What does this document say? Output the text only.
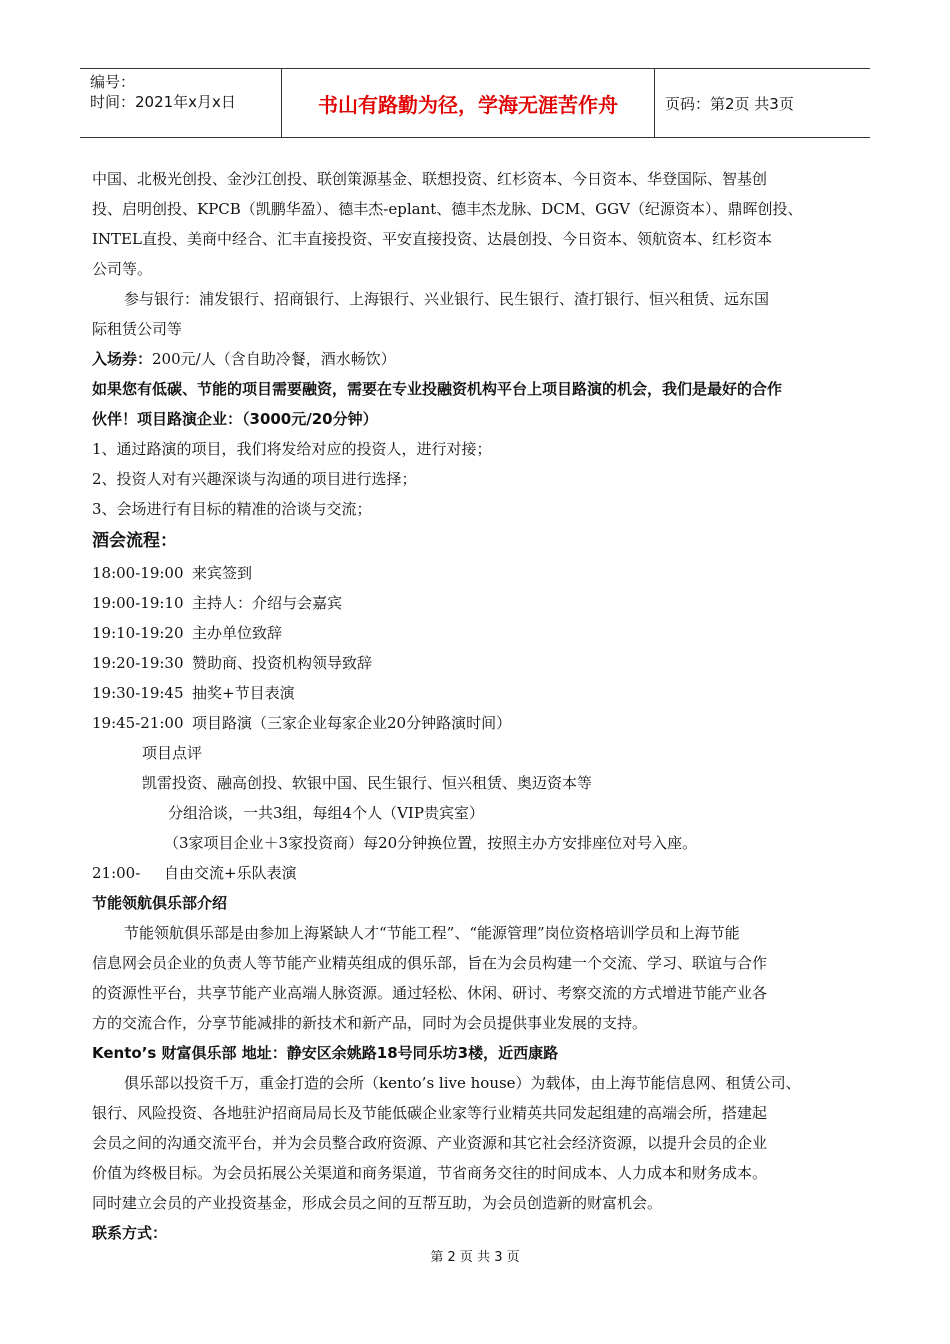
编号：
时间：2021年x月x日	书山有路勤为径，学海无涯苦作舟	页码：第2页 共3页

中国、北极光创投、金沙江创投、联创策源基金、联想投资、红杉资本、今日资本、华登国际、智基创

投、启明创投、KPCB（凯鹏华盈）、德丰杰-eplant、德丰杰龙脉、DCM、GGV（纪源资本）、鼎晖创投、

INTEL直投、美商中经合、汇丰直接投资、平安直接投资、达晨创投、今日资本、领航资本、红杉资本

公司等。

参与银行：浦发银行、招商银行、上海银行、兴业银行、民生银行、渣打银行、恒兴租赁、远东国

际租赁公司等

入场券：200元/人（含自助冷餐，酒水畅饮）

如果您有低碳、节能的项目需要融资，需要在专业投融资机构平台上项目路演的机会，我们是最好的合作

伙伴！项目路演企业：（3000元/20分钟）

1、通过路演的项目，我们将发给对应的投资人，进行对接；

2、投资人对有兴趣深谈与沟通的项目进行选择；

3、会场进行有目标的精准的洽谈与交流；

酒会流程：

18:00-19:00 来宾签到
19:00-19:10 主持人：介绍与会嘉宾
19:10-19:20 主办单位致辞
19:20-19:30 赞助商、投资机构领导致辞
19:30-19:45 抽奖+节目表演
19:45-21:00 项目路演（三家企业每家企业20分钟路演时间）

项目点评

凯雷投资、融高创投、软银中国、民生银行、恒兴租赁、奥迈资本等

分组洽谈，一共3组，每组4个人（VIP贵宾室）

（3家项目企业＋3家投资商）每20分钟换位置，按照主办方安排座位对号入座。

21:00-	自由交流+乐队表演

节能领航俱乐部介绍

节能领航俱乐部是由参加上海紧缺人才“节能工程”、“能源管理”岗位资格培训学员和上海节能

信息网会员企业的负责人等节能产业精英组成的俱乐部，旨在为会员构建一个交流、学习、联谊与合作

的资源性平台，共享节能产业高端人脉资源。通过轻松、休闲、研讨、考察交流的方式增进节能产业各

方的交流合作，分享节能减排的新技术和新产品，同时为会员提供事业发展的支持。

Kento’s 财富俱乐部 地址：静安区余姚路18号同乐坊3楼，近西康路

俱乐部以投资千万，重金打造的会所（kento’s live house）为载体，由上海节能信息网、租赁公司、

银行、风险投资、各地驻沪招商局局长及节能低碳企业家等行业精英共同发起组建的高端会所，搭建起

会员之间的沟通交流平台，并为会员整合政府资源、产业资源和其它社会经济资源，以提升会员的企业

价值为终极目标。为会员拓展公关渠道和商务渠道，节省商务交往的时间成本、人力成本和财务成本。

同时建立会员的产业投资基金，形成会员之间的互帮互助，为会员创造新的财富机会。

联系方式：

第 2 页 共 3 页
